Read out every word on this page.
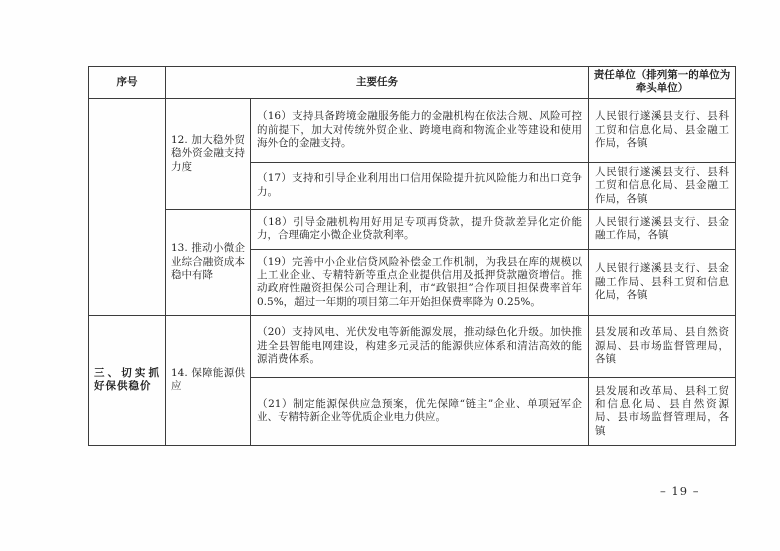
序号	主要任务		责任单位（排列第一的单位为牵头单位）
	12. 加大稳外贸稳外资金融支持力度	（16）支持具备跨境金融服务能力的金融机构在依法合规、风险可控的前提下，加大对传统外贸企业、跨境电商和物流企业等建设和使用海外仓的金融支持。	人民银行遂溪县支行、县科工贸和信息化局、县金融工作局，各镇
		（17）支持和引导企业利用出口信用保险提升抗风险能力和出口竞争力。	人民银行遂溪县支行、县科工贸和信息化局、县金融工作局，各镇
	13. 推动小微企业综合融资成本稳中有降	（18）引导金融机构用好用足专项再贷款，提升贷款差异化定价能力，合理确定小微企业贷款利率。	人民银行遂溪县支行、县金融工作局，各镇
		（19）完善中小企业信贷风险补偿金工作机制，为我县在库的规模以上工业企业、专精特新等重点企业提供信用及抵押贷款融资增信。推动政府性融资担保公司合理让利，市“政银担”合作项目担保费率首年 0.5%，超过一年期的项目第二年开始担保费率降为 0.25%。	人民银行遂溪县支行、县金融工作局、县科工贸和信息化局，各镇
三、切实抓好保供稳价	14. 保障能源供应	（20）支持风电、光伏发电等新能源发展，推动绿色化升级。加快推进全县智能电网建设，构建多元灵活的能源供应体系和清洁高效的能源消费体系。	县发展和改革局、县自然资源局、县市场监督管理局，各镇
		（21）制定能源保供应急预案，优先保障“链主”企业、单项冠军企业、专精特新企业等优质企业电力供应。	县发展和改革局、县科工贸和信息化局、县自然资源局、县市场监督管理局，各镇
– 19 –
